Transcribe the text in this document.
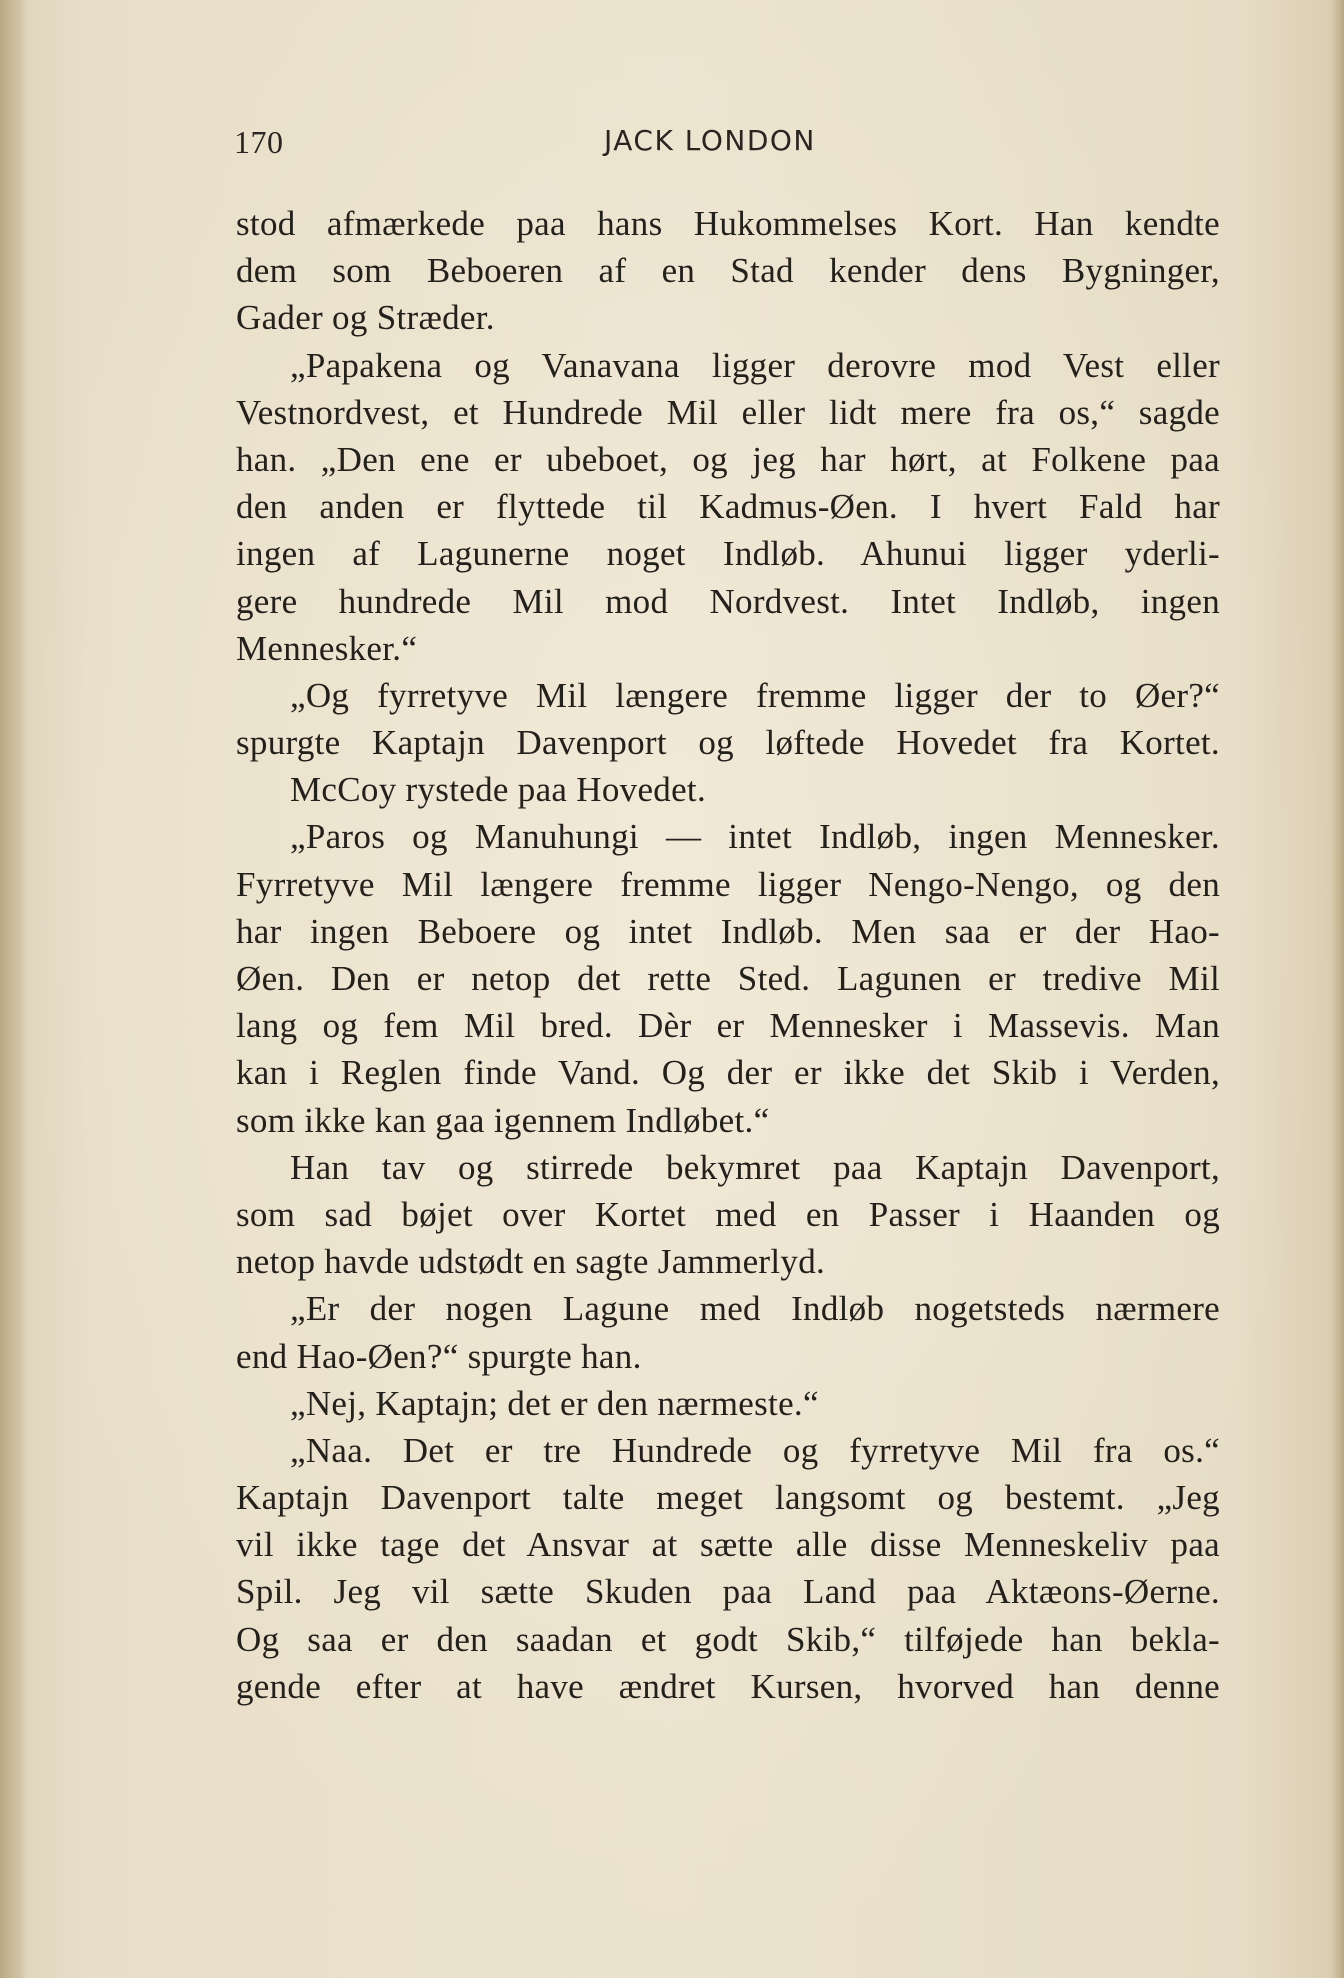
170	JACK LONDON
stod afmærkede paa hans Hukommelses Kort. Han kendte
dem som Beboeren af en Stad kender dens Bygninger,
Gader og Stræder.
„Papakena og Vanavana ligger derovre mod Vest eller
Vestnordvest, et Hundrede Mil eller lidt mere fra os,“ sagde
han. „Den ene er ubeboet, og jeg har hørt, at Folkene paa
den anden er flyttede til Kadmus-Øen. I hvert Fald har
ingen af Lagunerne noget Indløb. Ahunui ligger yderli-
gere hundrede Mil mod Nordvest. Intet Indløb, ingen
Mennesker.“
„Og fyrretyve Mil længere fremme ligger der to Øer?“
spurgte Kaptajn Davenport og løftede Hovedet fra Kortet.
McCoy rystede paa Hovedet.
„Paros og Manuhungi — intet Indløb, ingen Mennesker.
Fyrretyve Mil længere fremme ligger Nengo-Nengo, og den
har ingen Beboere og intet Indløb. Men saa er der Hao-
Øen. Den er netop det rette Sted. Lagunen er tredive Mil
lang og fem Mil bred. Dèr er Mennesker i Massevis. Man
kan i Reglen finde Vand. Og der er ikke det Skib i Verden,
som ikke kan gaa igennem Indløbet.“
Han tav og stirrede bekymret paa Kaptajn Davenport,
som sad bøjet over Kortet med en Passer i Haanden og
netop havde udstødt en sagte Jammerlyd.
„Er der nogen Lagune med Indløb nogetsteds nærmere
end Hao-Øen?“ spurgte han.
„Nej, Kaptajn; det er den nærmeste.“
„Naa. Det er tre Hundrede og fyrretyve Mil fra os.“
Kaptajn Davenport talte meget langsomt og bestemt. „Jeg
vil ikke tage det Ansvar at sætte alle disse Menneskeliv paa
Spil. Jeg vil sætte Skuden paa Land paa Aktæons-Øerne.
Og saa er den saadan et godt Skib,“ tilføjede han bekla-
gende efter at have ændret Kursen, hvorved han denne
